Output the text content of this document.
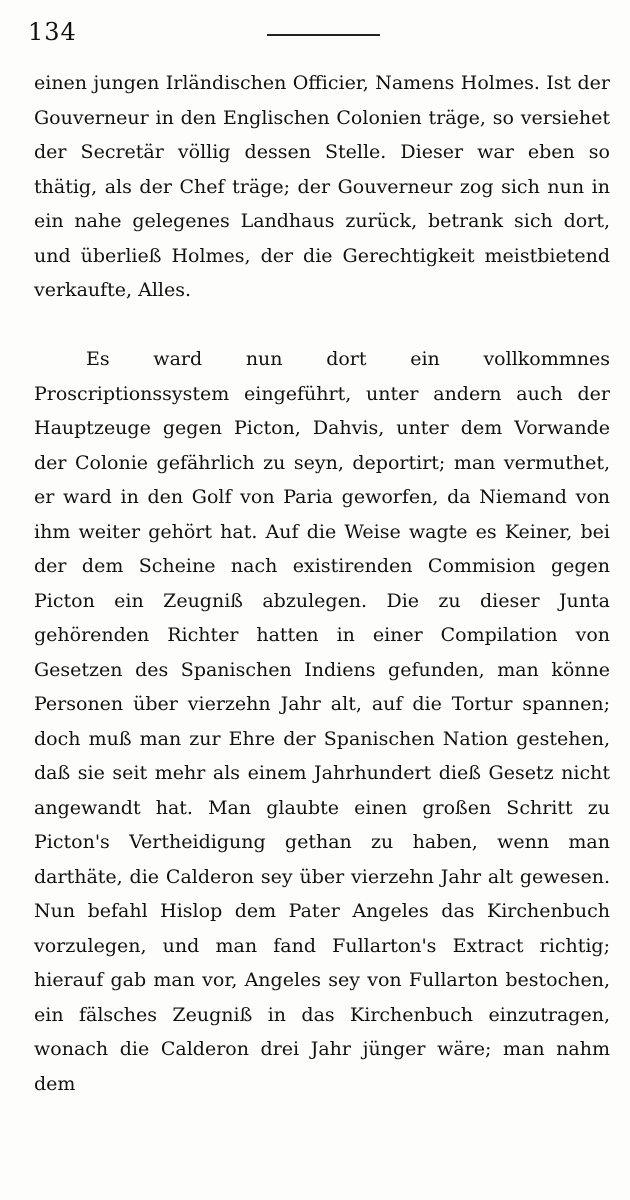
134

einen jungen Irländischen Officier, Namens Holmes. Ist der Gouverneur in den Englischen Colonien träge, so versiehet der Secretär völlig dessen Stelle. Dieser war eben so thätig, als der Chef träge; der Gouverneur zog sich nun in ein nahe gelegenes Landhaus zurück, betrank sich dort, und überließ Holmes, der die Gerechtigkeit meistbietend verkaufte, Alles.

Es ward nun dort ein vollkommnes Proscriptionssystem eingeführt, unter andern auch der Hauptzeuge gegen Picton, Dahvis, unter dem Vorwande der Colonie gefährlich zu seyn, deportirt; man vermuthet, er ward in den Golf von Paria geworfen, da Niemand von ihm weiter gehört hat. Auf die Weise wagte es Keiner, bei der dem Scheine nach existirenden Commision gegen Picton ein Zeugniß abzulegen. Die zu dieser Junta gehörenden Richter hatten in einer Compilation von Gesetzen des Spanischen Indiens gefunden, man könne Personen über vierzehn Jahr alt, auf die Tortur spannen; doch muß man zur Ehre der Spanischen Nation gestehen, daß sie seit mehr als einem Jahrhundert dieß Gesetz nicht angewandt hat. Man glaubte einen großen Schritt zu Picton's Vertheidigung gethan zu haben, wenn man darthäte, die Calderon sey über vierzehn Jahr alt gewesen. Nun befahl Hislop dem Pater Angeles das Kirchenbuch vorzulegen, und man fand Fullarton's Extract richtig; hierauf gab man vor, Angeles sey von Fullarton bestochen, ein fälsches Zeugniß in das Kirchenbuch einzutragen, wonach die Calderon drei Jahr jünger wäre; man nahm dem
